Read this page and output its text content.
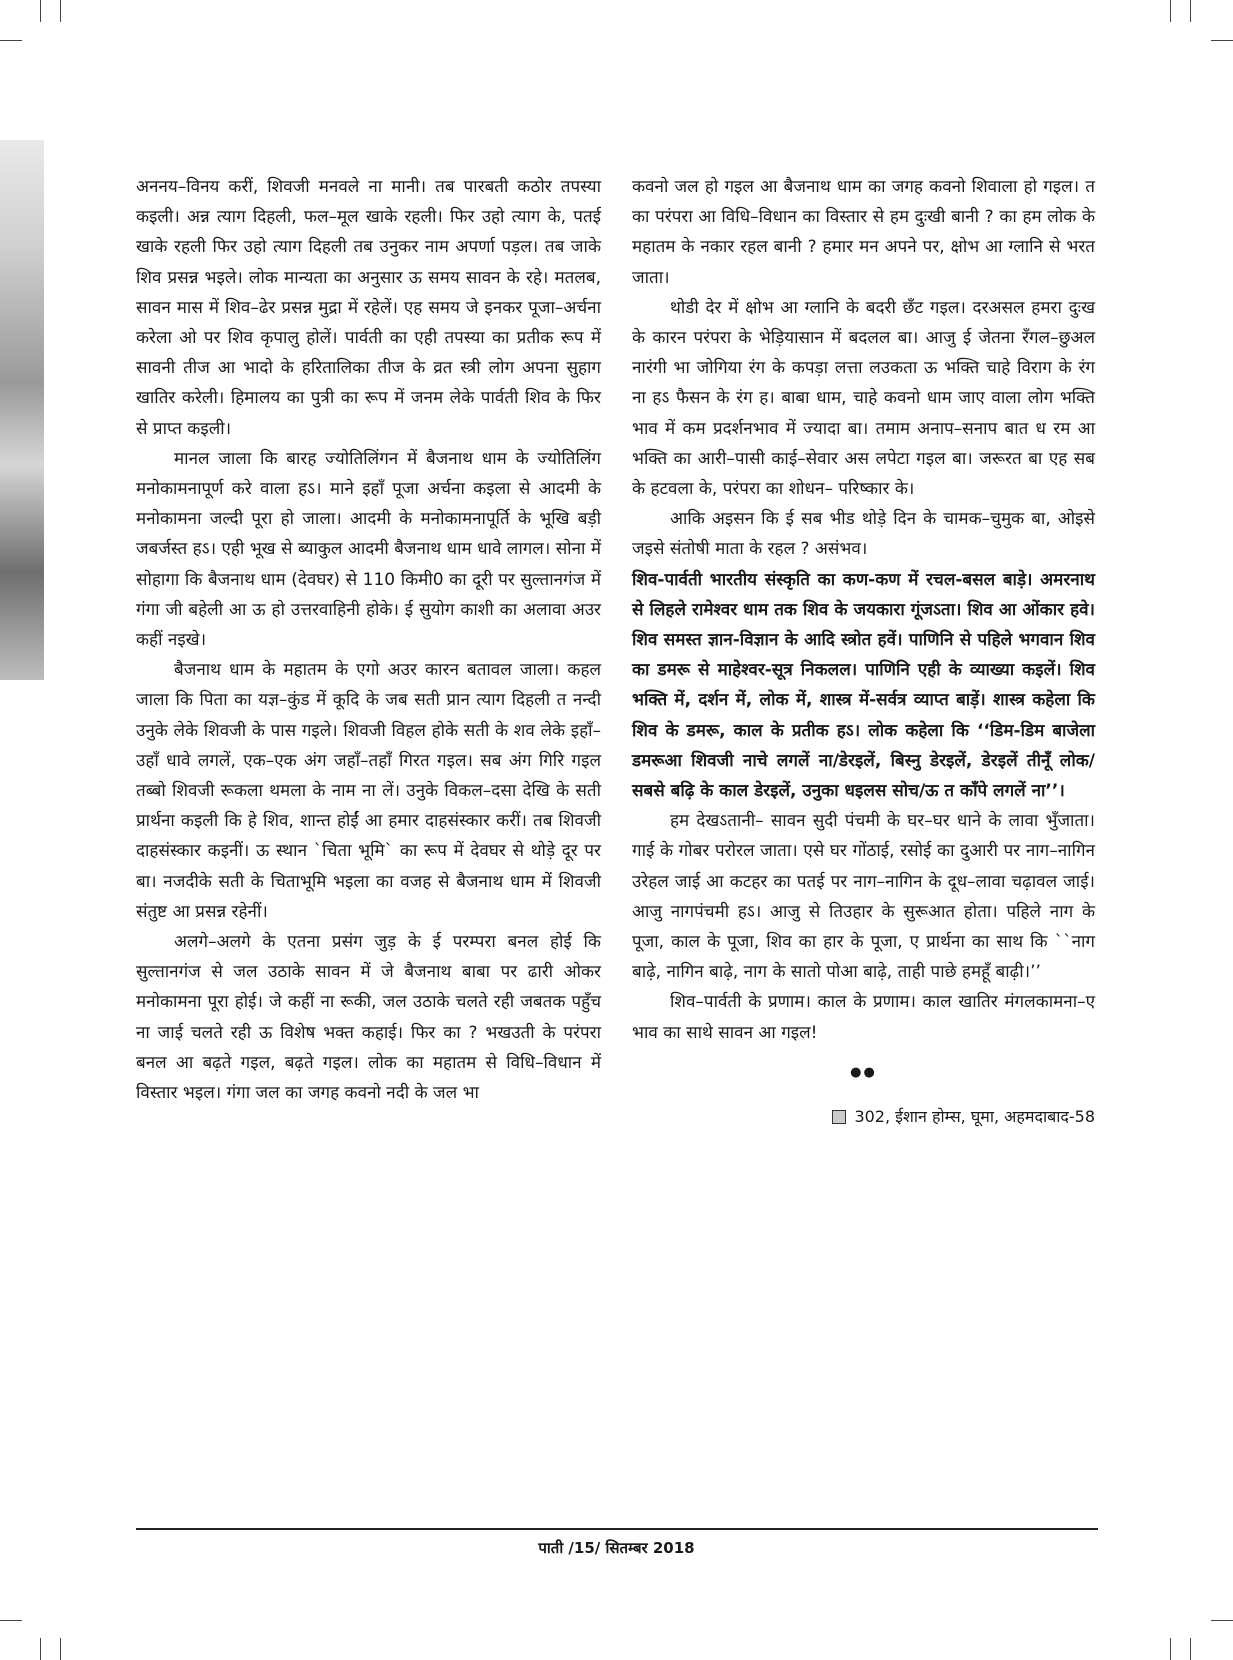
अननय–विनय करीं, शिवजी मनवले ना मानी। तब पारबती कठोर तपस्या कइली। अन्न त्याग दिहली, फल–मूल खाके रहली। फिर उहो त्याग के, पतई खाके रहली फिर उहो त्याग दिहली तब उनुकर नाम अपर्णा पड़ल। तब जाके शिव प्रसन्न भइले। लोक मान्यता का अनुसार ऊ समय सावन के रहे। मतलब, सावन मास में शिव–ढेर प्रसन्न मुद्रा में रहेलें। एह समय जे इनकर पूजा–अर्चना करेला ओ पर शिव कृपालु होलें। पार्वती का एही तपस्या का प्रतीक रूप में सावनी तीज आ भादो के हरितालिका तीज के व्रत स्त्री लोग अपना सुहाग खातिर करेली। हिमालय का पुत्री का रूप में जनम लेके पार्वती शिव के फिर से प्राप्त कइली।

मानल जाला कि बारह ज्योतिलिंगन में बैजनाथ धाम के ज्योतिलिंग मनोकामनापूर्ण करे वाला हऽ। माने इहाँ पूजा अर्चना कइला से आदमी के मनोकामना जल्दी पूरा हो जाला। आदमी के मनोकामनापूर्ति के भूखि बड़ी जबर्जस्त हऽ। एही भूख से ब्याकुल आदमी बैजनाथ धाम धावे लागल। सोना में सोहागा कि बैजनाथ धाम (देवघर) से 110 किमी0 का दूरी पर सुल्तानगंज में गंगा जी बहेली आ ऊ हो उत्तरवाहिनी होके। ई सुयोग काशी का अलावा अउर कहीं नइखे।

बैजनाथ धाम के महातम के एगो अउर कारन बतावल जाला। कहल जाला कि पिता का यज्ञ–कुंड में कूदि के जब सती प्रान त्याग दिहली त नन्दी उनुके लेके शिवजी के पास गइले। शिवजी विहल होके सती के शव लेके इहाँ–उहाँ धावे लगलें, एक–एक अंग जहाँ–तहाँ गिरत गइल। सब अंग गिरि गइल तब्बो शिवजी रूकला थमला के नाम ना लें। उनुके विकल–दसा देखि के सती प्रार्थना कइली कि हे शिव, शान्त होईं आ हमार दाहसंस्कार करीं। तब शिवजी दाहसंस्कार कइनीं। ऊ स्थान `चिता भूमि` का रूप में देवघर से थोड़े दूर पर बा। नजदीके सती के चिताभूमि भइला का वजह से बैजनाथ धाम में शिवजी संतुष्ट आ प्रसन्न रहेनीं।

अलगे–अलगे के एतना प्रसंग जुड़ के ई परम्परा बनल होई कि सुल्तानगंज से जल उठाके सावन में जे बैजनाथ बाबा पर ढारी ओकर मनोकामना पूरा होई। जे कहीं ना रूकी, जल उठाके चलते रही जबतक पहुँच ना जाई चलते रही ऊ विशेष भक्त कहाई। फिर का ? भखउती के परंपरा बनल आ बढ़ते गइल, बढ़ते गइल। लोक का महातम से विधि–विधान में विस्तार भइल। गंगा जल का जगह कवनो नदी के जल भा

कवनो जल हो गइल आ बैजनाथ धाम का जगह कवनो शिवाला हो गइल। त का परंपरा आ विधि–विधान का विस्तार से हम दुःखी बानी ? का हम लोक के महातम के नकार रहल बानी ? हमार मन अपने पर, क्षोभ आ ग्लानि से भरत जाता।

थोडी देर में क्षोभ आ ग्लानि के बदरी छँट गइल। दरअसल हमरा दुःख के कारन परंपरा के भेड़ियासान में बदलल बा। आजु ई जेतना रँगल–छुअल नारंगी भा जोगिया रंग के कपड़ा लत्ता लउकता ऊ भक्ति चाहे विराग के रंग ना हऽ फैसन के रंग ह। बाबा धाम, चाहे कवनो धाम जाए वाला लोग भक्ति भाव में कम प्रदर्शनभाव में ज्यादा बा। तमाम अनाप–सनाप बात ध रम आ भक्ति का आरी–पासी काई–सेवार अस लपेटा गइल बा। जरूरत बा एह सब के हटवला के, परंपरा का शोधन– परिष्कार के।

आकि अइसन कि ई सब भीड थोड़े दिन के चामक–चुमुक बा, ओइसे जइसे संतोषी माता के रहल ? असंभव।

शिव-पार्वती भारतीय संस्कृति का कण-कण में रचल-बसल बाड़े। अमरनाथ से लिहले रामेश्वर धाम तक शिव के जयकारा गूंजऽता। शिव आ ओंकार हवे। शिव समस्त ज्ञान-विज्ञान के आदि स्त्रोत हवें। पाणिनि से पहिले भगवान शिव का डमरू से माहेश्वर-सूत्र निकलल। पाणिनि एही के व्याख्या कइलें। शिव भक्ति में, दर्शन में, लोक में, शास्त्र में-सर्वत्र व्याप्त बाड़ें। शास्त्र कहेला कि शिव के डमरू, काल के प्रतीक हऽ। लोक कहेला कि ‘‘डिम-डिम बाजेला डमरूआ शिवजी नाचे लगलें ना/डेरइलें, बिस्नु डेरइलें, डेरइलें तीनूँ लोक/सबसे बढ़ि के काल डेरइलें, उनुका धइलस सोच/ऊ त काँपे लगलें ना’’।

हम देखऽतानी– सावन सुदी पंचमी के घर–घर धाने के लावा भुँजाता। गाई के गोबर परोरल जाता। एसे घर गोंठाई, रसोई का दुआरी पर नाग–नागिन उरेहल जाई आ कटहर का पतई पर नाग–नागिन के दूध–लावा चढ़ावल जाई। आजु नागपंचमी हऽ। आजु से तिउहार के सुरूआत होता। पहिले नाग के पूजा, काल के पूजा, शिव का हार के पूजा, ए प्रार्थना का साथ कि ``नाग बाढ़े, नागिन बाढ़े, नाग के सातो पोआ बाढ़े, ताही पाछे हमहूँ बाढ़ी।’’

शिव–पार्वती के प्रणाम। काल के प्रणाम। काल खातिर मंगलकामना–ए भाव का साथे सावन आ गइल!

●●
302, ईशान होम्स, घूमा, अहमदाबाद-58
पाती /15/ सितम्बर 2018
